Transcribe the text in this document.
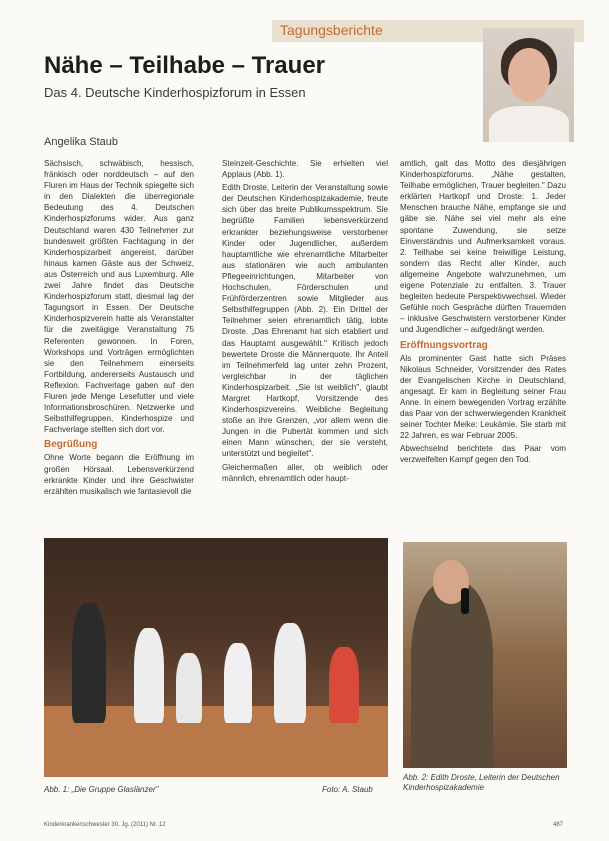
Tagungsberichte
Nähe – Teilhabe – Trauer
Das 4. Deutsche Kinderhospizforum in Essen
Angelika Staub

Sächsisch, schwäbisch, hessisch, fränkisch oder norddeutsch – auf den Fluren im Haus der Technik spiegelte sich in den Dialekten die überregionale Bedeutung des 4. Deutschen Kinderhospizforums wider. Aus ganz Deutschland waren 430 Teilnehmer zur bundesweit größten Fachtagung in der Kinderhospizarbeit angereist, darüber hinaus kamen Gäste aus der Schweiz, aus Österreich und aus Luxemburg. Alle zwei Jahre findet das Deutsche Kinderhospizforum statt, diesmal lag der Tagungsort in Essen. Der Deutsche Kinderhospizverein hatte als Veranstalter für die zweitägige Veranstaltung 75 Referenten gewonnen. In Foren, Workshops und Vorträgen ermöglichten sie den Teilnehmern einerseits Fortbildung, andererseits Austausch und Reflexion. Fachverlage gaben auf den Fluren jede Menge Lesefutter und viele Informationsbroschüren. Netzwerke und Selbsthilfegruppen, Kinderhospize und Fachverlage stellten sich dort vor.

Begrüßung

Ohne Worte begann die Eröffnung im großen Hörsaal. Lebensverkürzend erkrankte Kinder und ihre Geschwister erzählten musikalisch wie fantasievoll die

Steinzeit-Geschichte. Sie erhielten viel Applaus (Abb. 1).

Edith Droste, Leiterin der Veranstaltung sowie der Deutschen Kinderhospizakademie, freute sich über das breite Publikumsspektrum. Sie begrüßte Familien lebensverkürzend erkrankter beziehungsweise verstorbener Kinder oder Jugendlicher, außerdem hauptamtliche wie ehrenamtliche Mitarbeiter aus stationären wie auch ambulanten Pflegeeinrichtungen, Mitarbeiter von Hochschulen, Förderschulen und Frühförderzentren sowie Mitglieder aus Selbsthilfegruppen (Abb. 2). Ein Drittel der Teilnehmer seien ehrenamtlich tätig, lobte Droste. „Das Ehrenamt hat sich etabliert und das Hauptamt ausgewählt." Kritisch jedoch bewertete Droste die Männerquote. Ihr Anteil im Teilnehmerfeld lag unter zehn Prozent, vergleichbar in der täglichen Kinderhospizarbeit. „Sie ist weiblich", glaubt Margret Hartkopf, Vorsitzende des Kinderhospizvereins. Weibliche Begleitung stoße an ihre Grenzen, „vor allem wenn die Jungen in die Pubertät kommen und sich einen Mann wünschen, der sie versteht, unterstützt und begleitet".

Gleichermaßen aller, ob weiblich oder männlich, ehrenamtlich oder haupt-

amtlich, galt das Motto des diesjährigen Kinderhospizforums. „Nähe gestalten, Teilhabe ermöglichen, Trauer begleiten." Dazu erklärten Hartkopf und Droste: 1. Jeder Menschen brauche Nähe, empfange sie und gäbe sie. Nähe sei viel mehr als eine spontane Zuwendung, sie setze Einverständnis und Aufmerksamkeit voraus. 2. Teilhabe sei keine freiwillige Leistung, sondern das Recht aller Kinder, auch allgemeine Angebote wahrzunehmen, um eigene Potenziale zu entfalten. 3. Trauer begleiten bedeute Perspektivwechsel. Wieder Gefühle noch Gespräche dürften Trauernden – inklusive Geschwistern verstorbener Kinder und Jugendlicher – aufgedrängt werden.

Eröffnungsvortrag

Als prominenter Gast hatte sich Präses Nikolaus Schneider, Vorsitzender des Rates der Evangelischen Kirche in Deutschland, angesagt. Er kam in Begleitung seiner Frau Anne. In einem bewegenden Vortrag erzählte das Paar von der schwerwiegenden Krankheit seiner Tochter Meike: Leukämie. Sie starb mit 22 Jahren, es war Februar 2005.

Abwechselnd berichtete das Paar vom verzweifelten Kampf gegen den Tod.

Abb. 1: „Die Gruppe Glaslänzer"	Foto: A. Staub
Abb. 2: Edith Droste, Leiterin der Deutschen Kinderhospizakademie
Kinderkrankenschwester 30. Jg. (2011) Nr. 12	487
